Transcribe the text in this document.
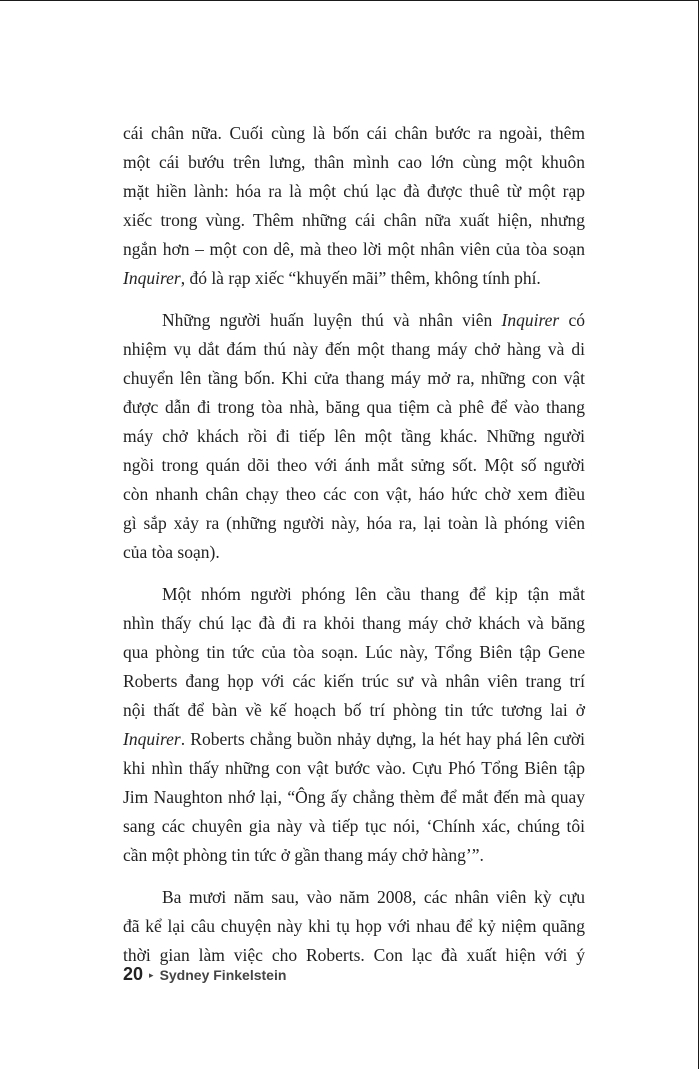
cái chân nữa. Cuối cùng là bốn cái chân bước ra ngoài, thêm
một cái bướu trên lưng, thân mình cao lớn cùng một khuôn
mặt hiền lành: hóa ra là một chú lạc đà được thuê từ một rạp
xiếc trong vùng. Thêm những cái chân nữa xuất hiện, nhưng
ngắn hơn – một con dê, mà theo lời một nhân viên của tòa soạn
Inquirer, đó là rạp xiếc “khuyến mãi” thêm, không tính phí.

Những người huấn luyện thú và nhân viên Inquirer có
nhiệm vụ dắt đám thú này đến một thang máy chở hàng và di
chuyển lên tầng bốn. Khi cửa thang máy mở ra, những con vật
được dẫn đi trong tòa nhà, băng qua tiệm cà phê để vào thang
máy chở khách rồi đi tiếp lên một tầng khác. Những người
ngồi trong quán dõi theo với ánh mắt sửng sốt. Một số người
còn nhanh chân chạy theo các con vật, háo hức chờ xem điều
gì sắp xảy ra (những người này, hóa ra, lại toàn là phóng viên
của tòa soạn).

Một nhóm người phóng lên cầu thang để kịp tận mắt
nhìn thấy chú lạc đà đi ra khỏi thang máy chở khách và băng
qua phòng tin tức của tòa soạn. Lúc này, Tổng Biên tập Gene
Roberts đang họp với các kiến trúc sư và nhân viên trang trí
nội thất để bàn về kế hoạch bố trí phòng tin tức tương lai ở
Inquirer. Roberts chẳng buồn nhảy dựng, la hét hay phá lên cười
khi nhìn thấy những con vật bước vào. Cựu Phó Tổng Biên tập
Jim Naughton nhớ lại, “Ông ấy chẳng thèm để mắt đến mà quay
sang các chuyên gia này và tiếp tục nói, ‘Chính xác, chúng tôi
cần một phòng tin tức ở gần thang máy chở hàng’”.

Ba mươi năm sau, vào năm 2008, các nhân viên kỳ cựu
đã kể lại câu chuyện này khi tụ họp với nhau để kỷ niệm quãng
thời gian làm việc cho Roberts. Con lạc đà xuất hiện với ý

20 ▸ Sydney Finkelstein
